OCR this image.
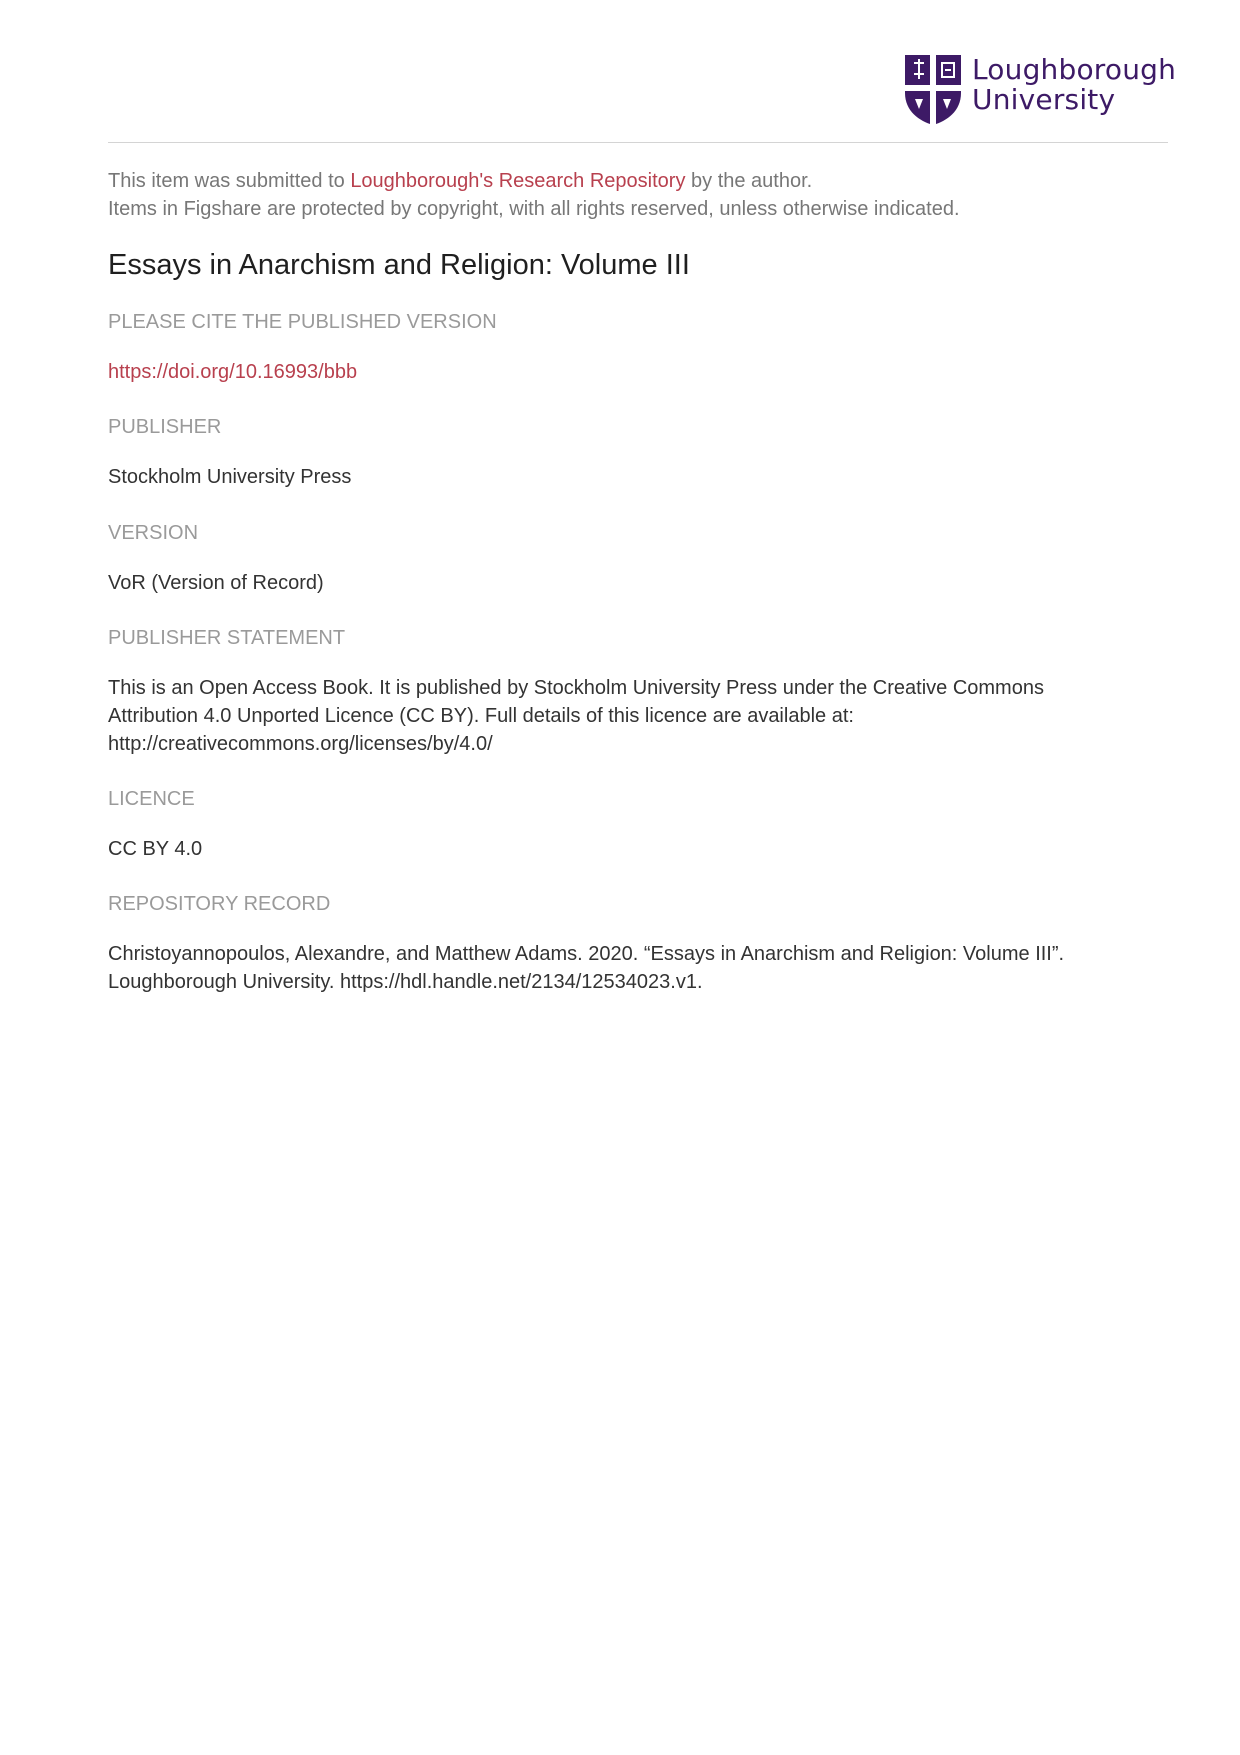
Loughborough
University
This item was submitted to Loughborough's Research Repository by the author.
Items in Figshare are protected by copyright, with all rights reserved, unless otherwise indicated.
Essays in Anarchism and Religion: Volume III
PLEASE CITE THE PUBLISHED VERSION
https://doi.org/10.16993/bbb
PUBLISHER
Stockholm University Press
VERSION
VoR (Version of Record)
PUBLISHER STATEMENT
This is an Open Access Book. It is published by Stockholm University Press under the Creative Commons
Attribution 4.0 Unported Licence (CC BY). Full details of this licence are available at:
http://creativecommons.org/licenses/by/4.0/
LICENCE
CC BY 4.0
REPOSITORY RECORD
Christoyannopoulos, Alexandre, and Matthew Adams. 2020. “Essays in Anarchism and Religion: Volume III”.
Loughborough University. https://hdl.handle.net/2134/12534023.v1.
